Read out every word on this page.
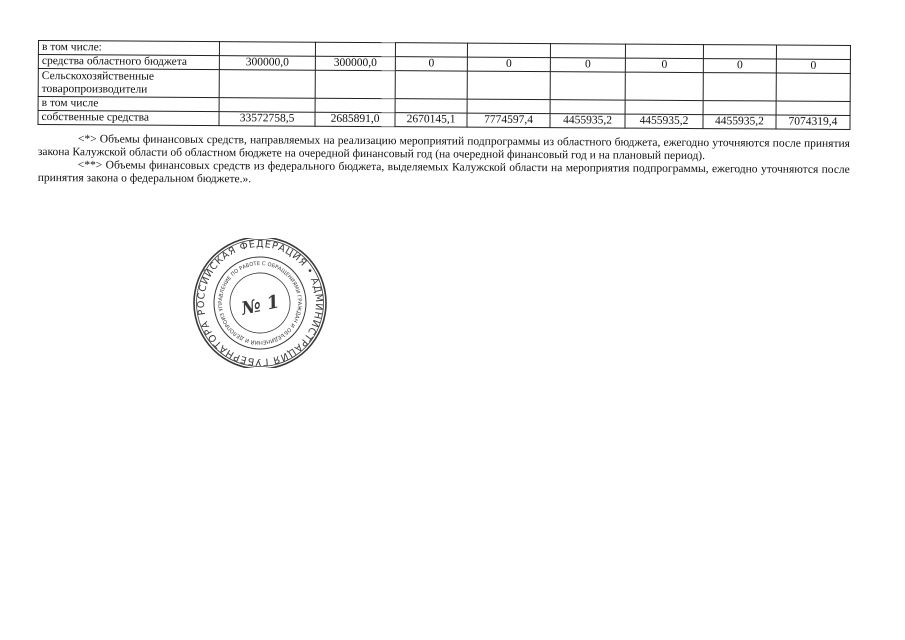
в том числе:								
средства областного бюджета	300000,0	300000,0	0	0	0	0	0	0
Сельскохозяйственные товаропроизводители								
в том числе								
собственные средства	33572758,5	2685891,0	2670145,1	7774597,4	4455935,2	4455935,2	4455935,2	7074319,4

<*> Объемы финансовых средств, направляемых на реализацию мероприятий подпрограммы из областного бюджета, ежегодно уточняются после принятия закона Калужской области об областном бюджете на очередной финансовый год (на очередной финансовый год и на плановый период).

<**> Объемы финансовых средств из федерального бюджета, выделяемых Калужской области на мероприятия подпрограммы, ежегодно уточняются после принятия закона о федеральном бюджете.».

РОССИЙСКАЯ ФЕДЕРАЦИЯ • АДМИНИСТРАЦИЯ ГУБЕРНАТОРА
УПРАВЛЕНИЕ ПО РАБОТЕ С ОБРАЩЕНИЯМИ ГРАЖДАН И ОБЪЕДИНЕНИЙ И ДЕЛОПРОИЗВОДСТВУ
№ 1
